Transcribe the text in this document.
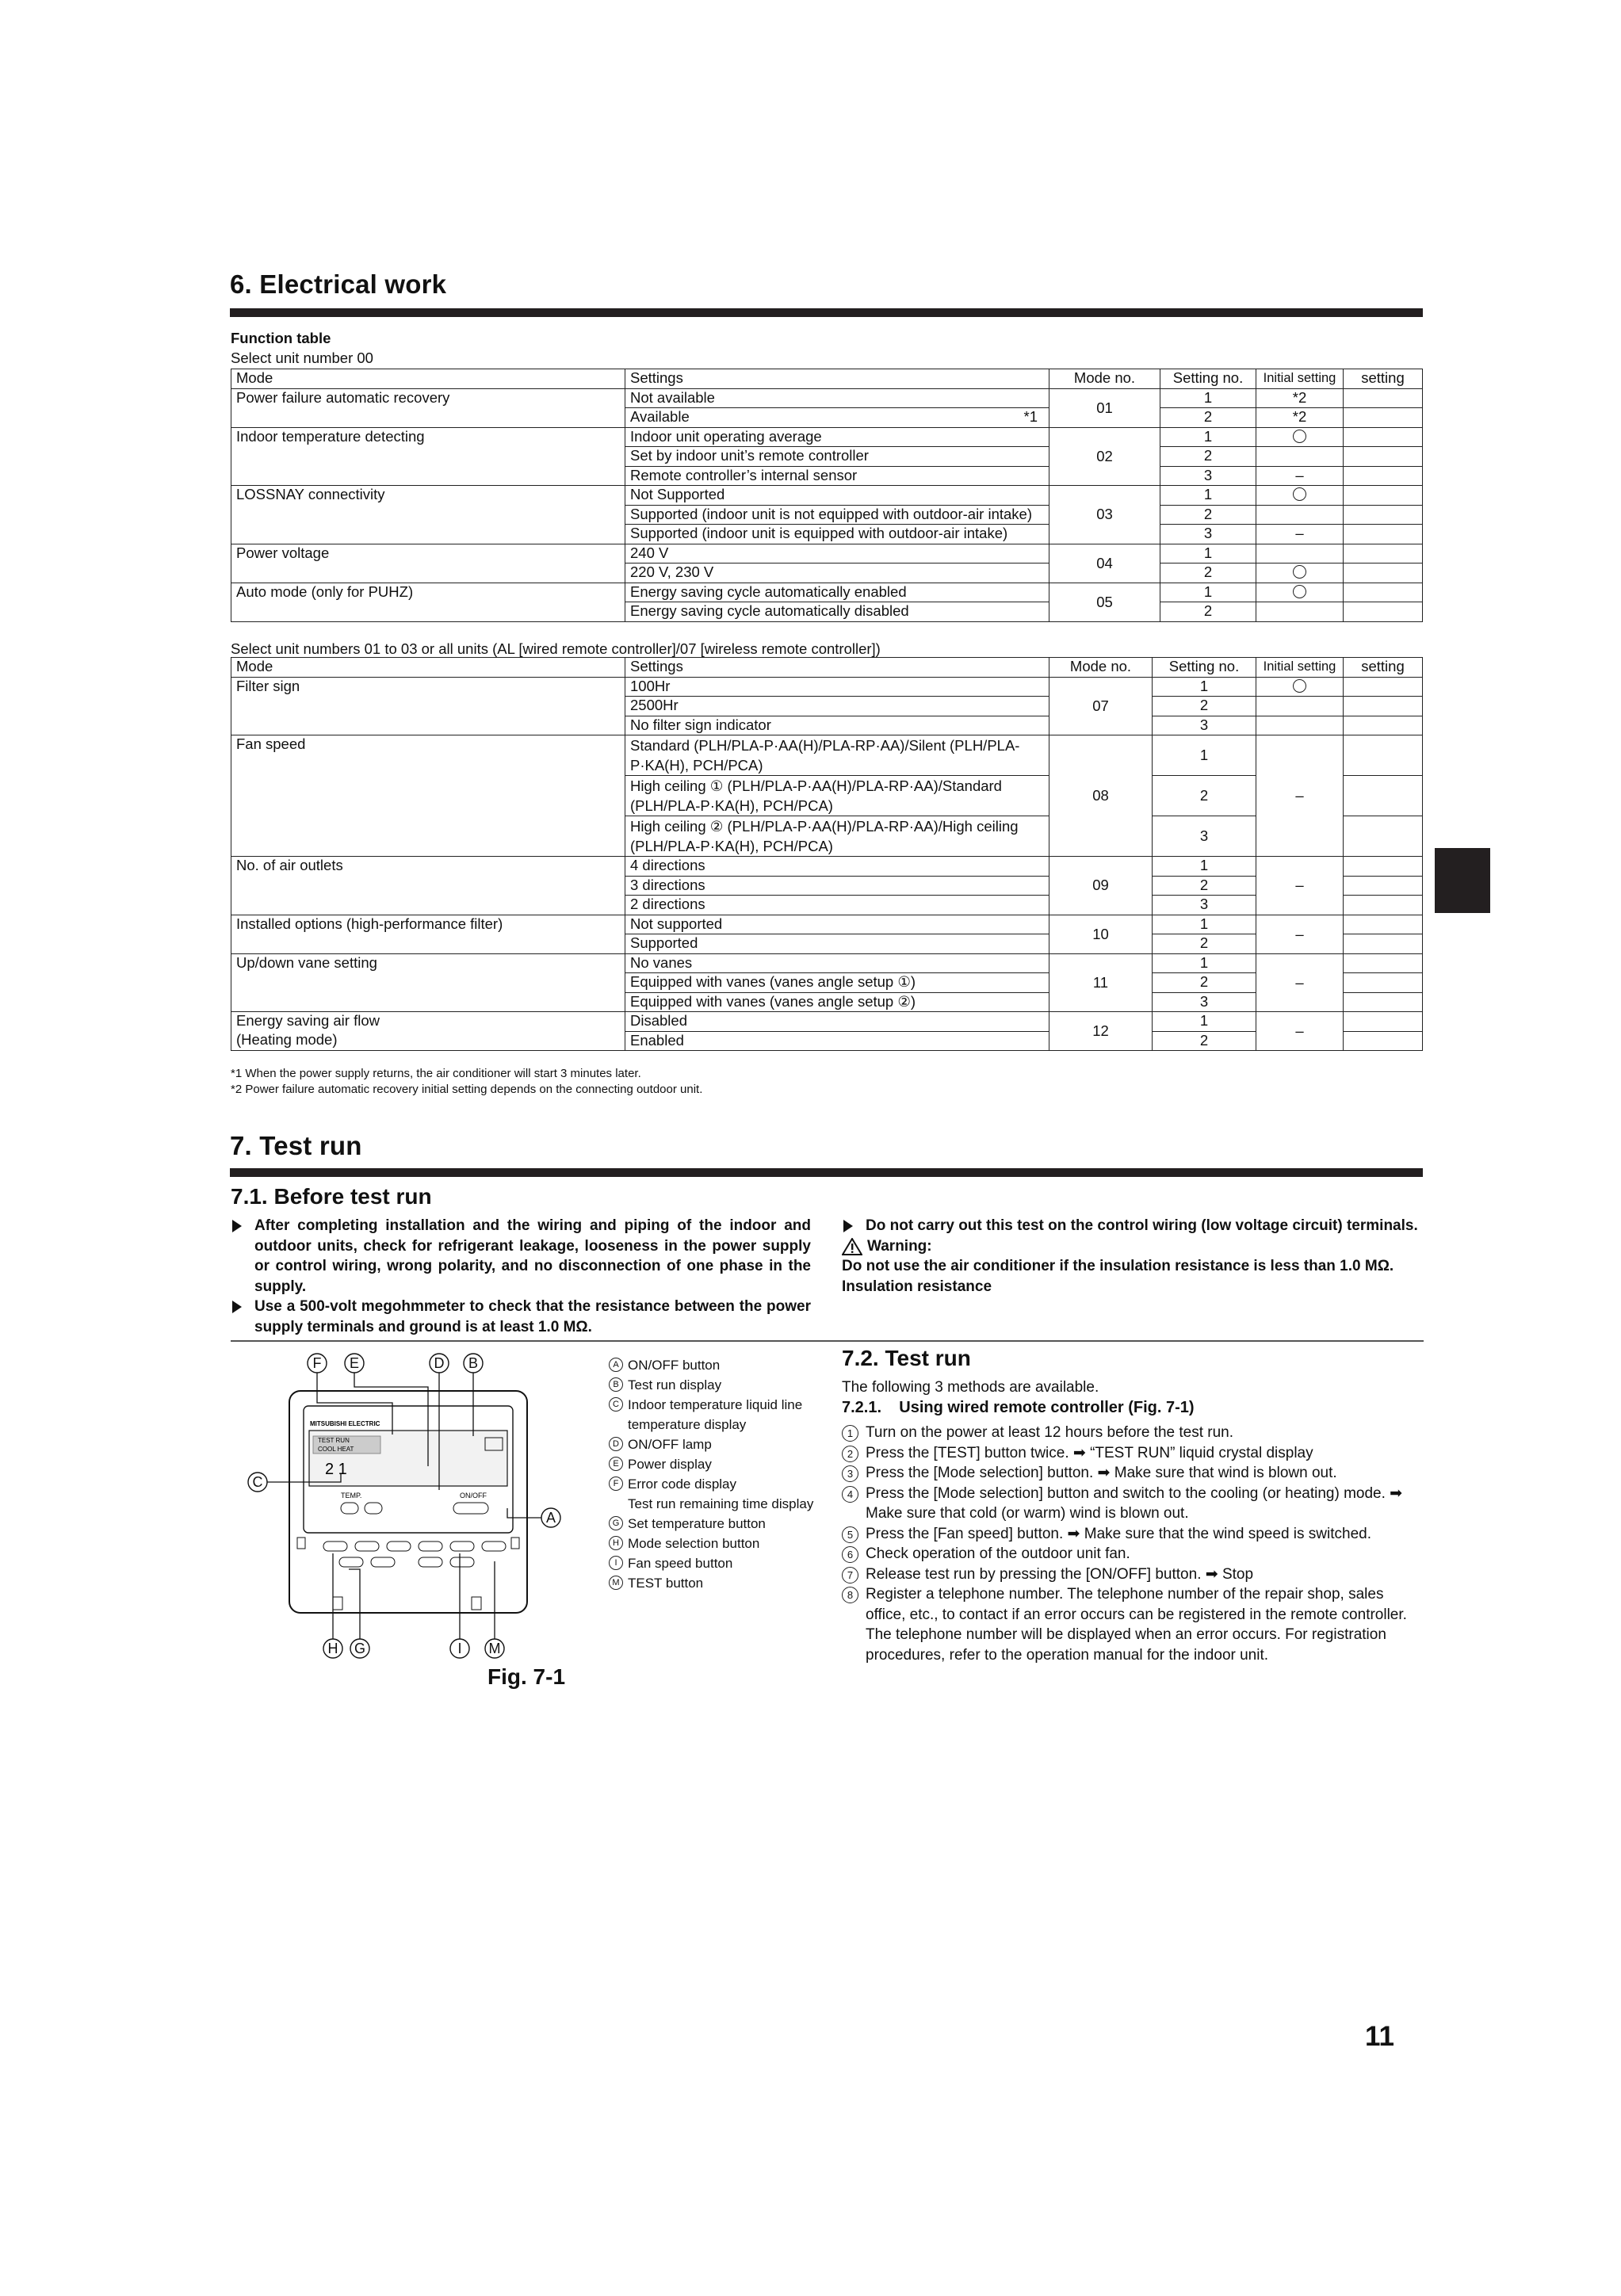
6. Electrical work
Function table
Select unit number 00
Mode	Settings	Mode no.	Setting no.	Initial setting	setting
Power failure automatic recovery	Not available	01	1	*2	
	Available *1		2	*2	
Indoor temperature detecting	Indoor unit operating average	02	1		
	Set by indoor unit’s remote controller		2		
	Remote controller’s internal sensor		3	–	
LOSSNAY connectivity	Not Supported	03	1		
	Supported (indoor unit is not equipped with outdoor-air intake)		2		
	Supported (indoor unit is equipped with outdoor-air intake)		3	–	
Power voltage	240 V	04	1		
	220 V, 230 V		2		
Auto mode (only for PUHZ)	Energy saving cycle automatically enabled	05	1		
	Energy saving cycle automatically disabled		2		
Select unit numbers 01 to 03 or all units (AL [wired remote controller]/07 [wireless remote controller])
Mode	Settings	Mode no.	Setting no.	Initial setting	setting
Filter sign	100Hr	07	1		
	2500Hr		2		
	No filter sign indicator		3		
Fan speed	Standard (PLH/PLA-P·AA(H)/PLA-RP·AA)/Silent (PLH/PLA-P·KA(H), PCH/PCA)	08	1	–	
	High ceiling ① (PLH/PLA-P·AA(H)/PLA-RP·AA)/Standard (PLH/PLA-P·KA(H), PCH/PCA)		2		
	High ceiling ② (PLH/PLA-P·AA(H)/PLA-RP·AA)/High ceiling (PLH/PLA-P·KA(H), PCH/PCA)		3		
No. of air outlets	4 directions	09	1	–	
	3 directions		2		
	2 directions		3		
Installed options (high-performance filter)	Not supported	10	1	–	
	Supported		2		
Up/down vane setting	No vanes	11	1	–	
	Equipped with vanes (vanes angle setup ①)		2		
	Equipped with vanes (vanes angle setup ②)		3		
Energy saving air flow	Disabled	12	1	–	
(Heating mode)	Enabled		2		
*1 When the power supply returns, the air conditioner will start 3 minutes later.
*2 Power failure automatic recovery initial setting depends on the connecting outdoor unit.
7. Test run
7.1. Before test run
After completing installation and the wiring and piping of the indoor and outdoor units, check for refrigerant leakage, looseness in the power supply or control wiring, wrong polarity, and no disconnection of one phase in the supply.
Use a 500-volt megohmmeter to check that the resistance between the power supply terminals and ground is at least 1.0 MΩ.
Do not carry out this test on the control wiring (low voltage circuit) terminals.
Warning:
Do not use the air conditioner if the insulation resistance is less than 1.0 MΩ.
Insulation resistance
F E	D B
C
A
H G	I M
TEST RUN
COOL HEAT
MITSUBISHI ELECTRIC
2 1
TEMP.	ON/OFF
Fig. 7-1
A ON/OFF button
B Test run display
C Indoor temperature liquid line temperature display
D ON/OFF lamp
E Power display
F Error code display
Test run remaining time display
G Set temperature button
H Mode selection button
I Fan speed button
M TEST button
7.2. Test run
The following 3 methods are available.
7.2.1.    Using wired remote controller (Fig. 7-1)
1 Turn on the power at least 12 hours before the test run.
2 Press the [TEST] button twice. ➡ “TEST RUN” liquid crystal display
3 Press the [Mode selection] button. ➡ Make sure that wind is blown out.
4 Press the [Mode selection] button and switch to the cooling (or heating) mode. ➡ Make sure that cold (or warm) wind is blown out.
5 Press the [Fan speed] button. ➡ Make sure that the wind speed is switched.
6 Check operation of the outdoor unit fan.
7 Release test run by pressing the [ON/OFF] button. ➡ Stop
8 Register a telephone number. The telephone number of the repair shop, sales office, etc., to contact if an error occurs can be registered in the remote controller. The telephone number will be displayed when an error occurs. For registration procedures, refer to the operation manual for the indoor unit.
11
